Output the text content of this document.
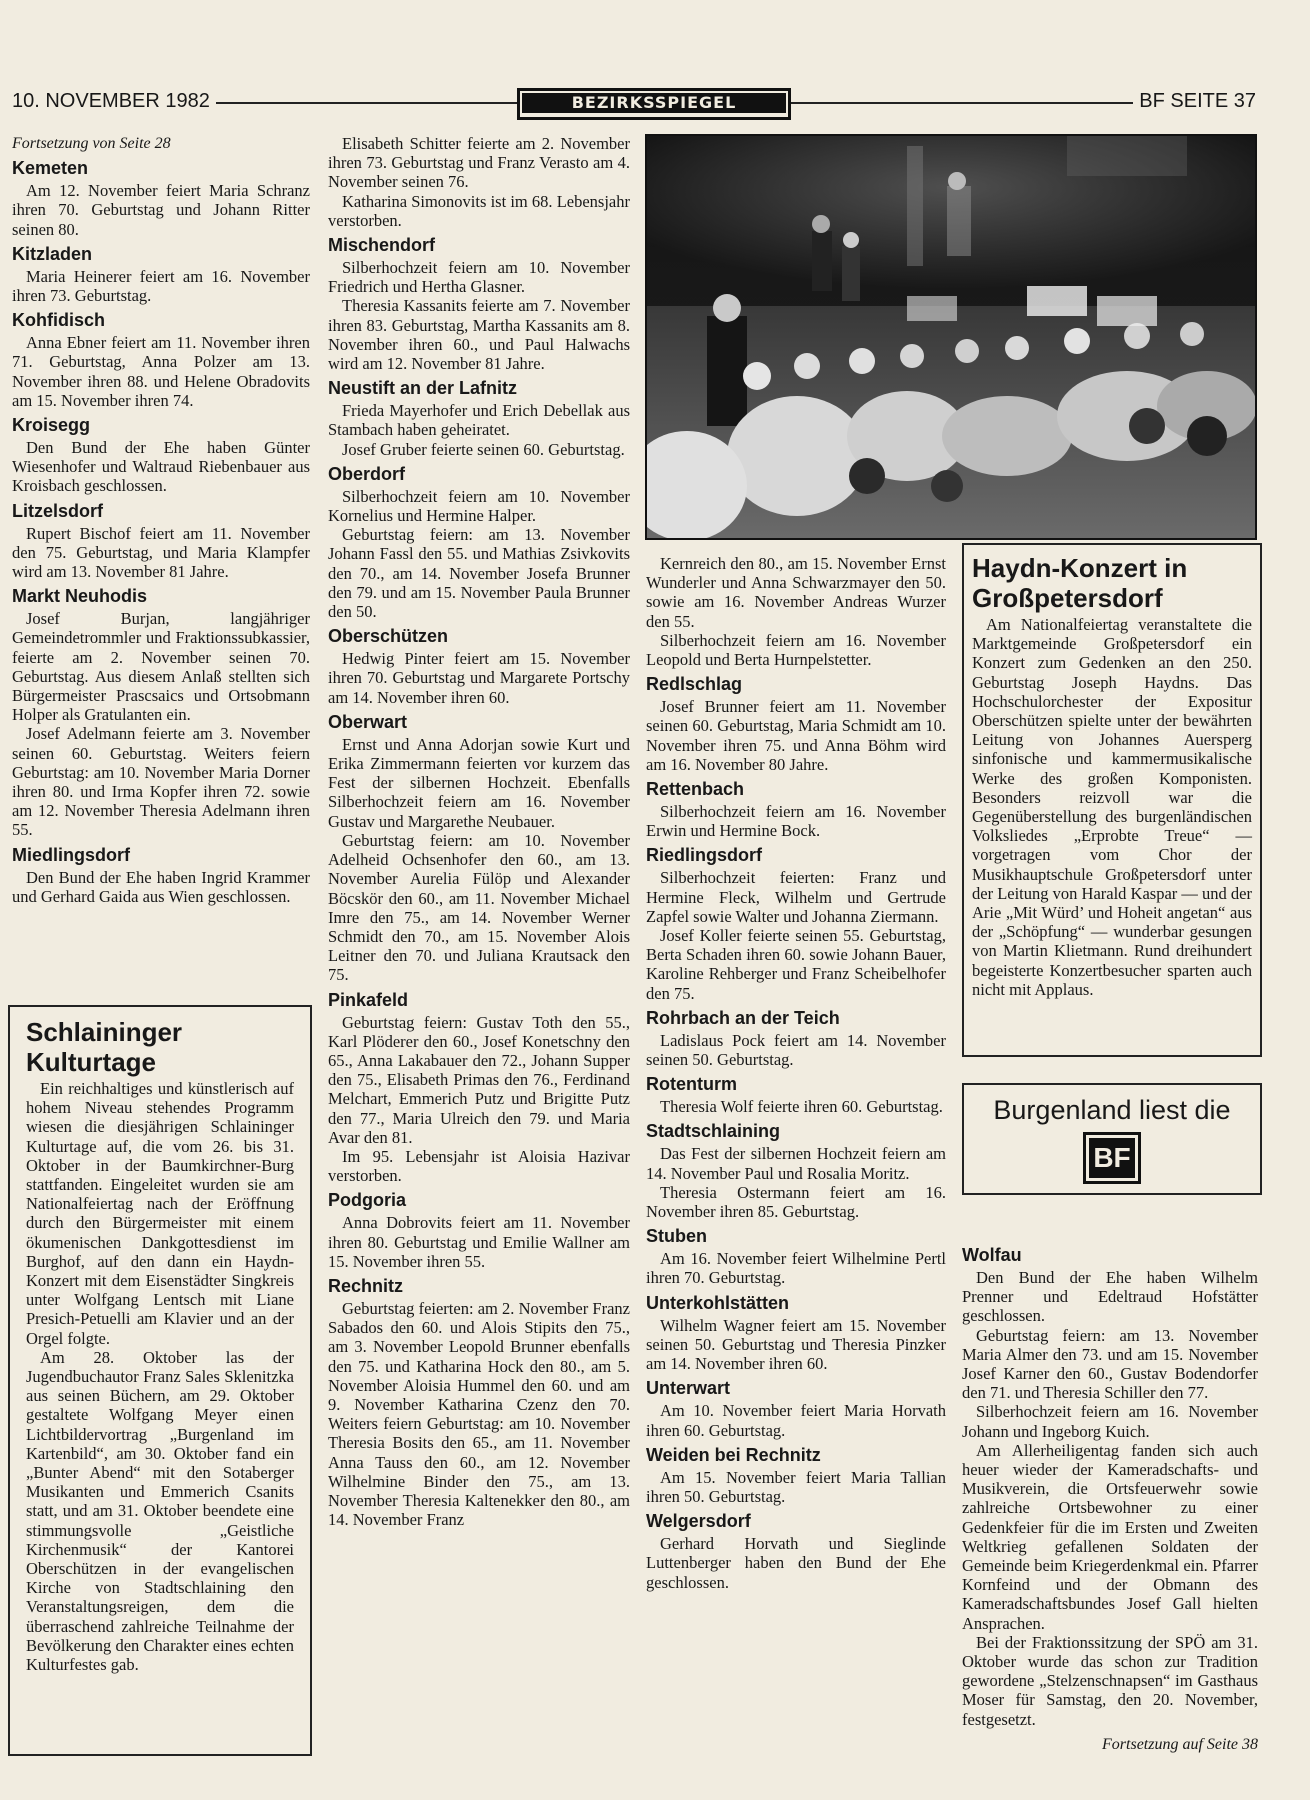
10. NOVEMBER 1982	BEZIRKSSPIEGEL	BF SEITE 37
Fortsetzung von Seite 28
Kemeten

Am 12. November feiert Maria Schranz ihren 70. Geburtstag und Johann Ritter seinen 80.

Kitzladen

Maria Heinerer feiert am 16. November ihren 73. Geburtstag.

Kohfidisch

Anna Ebner feiert am 11. November ihren 71. Geburtstag, Anna Polzer am 13. November ihren 88. und Helene Obradovits am 15. November ihren 74.

Kroisegg

Den Bund der Ehe haben Günter Wiesenhofer und Waltraud Riebenbauer aus Kroisbach geschlossen.

Litzelsdorf

Rupert Bischof feiert am 11. November den 75. Geburtstag, und Maria Klampfer wird am 13. November 81 Jahre.

Markt Neuhodis

Josef Burjan, langjähriger Gemeindetrommler und Fraktionssubkassier, feierte am 2. November seinen 70. Geburtstag. Aus diesem Anlaß stellten sich Bürgermeister Prascsaics und Ortsobmann Holper als Gratulanten ein.

Josef Adelmann feierte am 3. November seinen 60. Geburtstag. Weiters feiern Geburtstag: am 10. November Maria Dorner ihren 80. und Irma Kopfer ihren 72. sowie am 12. November Theresia Adelmann ihren 55.

Miedlingsdorf

Den Bund der Ehe haben Ingrid Krammer und Gerhard Gaida aus Wien geschlossen.

Schlaininger
Kulturtage

Ein reichhaltiges und künstlerisch auf hohem Niveau stehendes Programm wiesen die diesjährigen Schlaininger Kulturtage auf, die vom 26. bis 31. Oktober in der Baumkirchner-Burg stattfanden. Eingeleitet wurden sie am Nationalfeiertag nach der Eröffnung durch den Bürgermeister mit einem ökumenischen Dankgottesdienst im Burghof, auf den dann ein Haydn-Konzert mit dem Eisenstädter Singkreis unter Wolfgang Lentsch mit Liane Presich-Petuelli am Klavier und an der Orgel folgte.

Am 28. Oktober las der Jugendbuchautor Franz Sales Sklenitzka aus seinen Büchern, am 29. Oktober gestaltete Wolfgang Meyer einen Lichtbildervortrag „Burgenland im Kartenbild“, am 30. Oktober fand ein „Bunter Abend“ mit den Sotaberger Musikanten und Emmerich Csanits statt, und am 31. Oktober beendete eine stimmungsvolle „Geistliche Kirchenmusik“ der Kantorei Oberschützen in der evangelischen Kirche von Stadtschlaining den Veranstaltungsreigen, dem die überraschend zahlreiche Teilnahme der Bevölkerung den Charakter eines echten Kulturfestes gab.

Elisabeth Schitter feierte am 2. November ihren 73. Geburtstag und Franz Verasto am 4. November seinen 76.

Katharina Simonovits ist im 68. Lebensjahr verstorben.

Mischendorf

Silberhochzeit feiern am 10. November Friedrich und Hertha Glasner.

Theresia Kassanits feierte am 7. November ihren 83. Geburtstag, Martha Kassanits am 8. November ihren 60., und Paul Halwachs wird am 12. November 81 Jahre.

Neustift an der Lafnitz

Frieda Mayerhofer und Erich Debellak aus Stambach haben geheiratet.

Josef Gruber feierte seinen 60. Geburtstag.

Oberdorf

Silberhochzeit feiern am 10. November Kornelius und Hermine Halper.

Geburtstag feiern: am 13. November Johann Fassl den 55. und Mathias Zsivkovits den 70., am 14. November Josefa Brunner den 79. und am 15. November Paula Brunner den 50.

Oberschützen

Hedwig Pinter feiert am 15. November ihren 70. Geburtstag und Margarete Portschy am 14. November ihren 60.

Oberwart

Ernst und Anna Adorjan sowie Kurt und Erika Zimmermann feierten vor kurzem das Fest der silbernen Hochzeit. Ebenfalls Silberhochzeit feiern am 16. November Gustav und Margarethe Neubauer.

Geburtstag feiern: am 10. November Adelheid Ochsenhofer den 60., am 13. November Aurelia Fülöp und Alexander Böcskör den 60., am 11. November Michael Imre den 75., am 14. November Werner Schmidt den 70., am 15. November Alois Leitner den 70. und Juliana Krautsack den 75.

Pinkafeld

Geburtstag feiern: Gustav Toth den 55., Karl Plöderer den 60., Josef Konetschny den 65., Anna Lakabauer den 72., Johann Supper den 75., Elisabeth Primas den 76., Ferdinand Melchart, Emmerich Putz und Brigitte Putz den 77., Maria Ulreich den 79. und Maria Avar den 81.

Im 95. Lebensjahr ist Aloisia Hazivar verstorben.

Podgoria

Anna Dobrovits feiert am 11. November ihren 80. Geburtstag und Emilie Wallner am 15. November ihren 55.

Rechnitz

Geburtstag feierten: am 2. November Franz Sabados den 60. und Alois Stipits den 75., am 3. November Leopold Brunner ebenfalls den 75. und Katharina Hock den 80., am 5. November Aloisia Hummel den 60. und am 9. November Katharina Czenz den 70. Weiters feiern Geburtstag: am 10. November Theresia Bosits den 65., am 11. November Anna Tauss den 60., am 12. November Wilhelmine Binder den 75., am 13. November Theresia Kaltenekker den 80., am 14. November Franz

Kernreich den 80., am 15. November Ernst Wunderler und Anna Schwarzmayer den 50. sowie am 16. November Andreas Wurzer den 55.

Silberhochzeit feiern am 16. November Leopold und Berta Hurnpelstetter.

Redlschlag

Josef Brunner feiert am 11. November seinen 60. Geburtstag, Maria Schmidt am 10. November ihren 75. und Anna Böhm wird am 16. November 80 Jahre.

Rettenbach

Silberhochzeit feiern am 16. November Erwin und Hermine Bock.

Riedlingsdorf

Silberhochzeit feierten: Franz und Hermine Fleck, Wilhelm und Gertrude Zapfel sowie Walter und Johanna Ziermann.

Josef Koller feierte seinen 55. Geburtstag, Berta Schaden ihren 60. sowie Johann Bauer, Karoline Rehberger und Franz Scheibelhofer den 75.

Rohrbach an der Teich

Ladislaus Pock feiert am 14. November seinen 50. Geburtstag.

Rotenturm

Theresia Wolf feierte ihren 60. Geburtstag.

Stadtschlaining

Das Fest der silbernen Hochzeit feiern am 14. November Paul und Rosalia Moritz.

Theresia Ostermann feiert am 16. November ihren 85. Geburtstag.

Stuben

Am 16. November feiert Wilhelmine Pertl ihren 70. Geburtstag.

Unterkohlstätten

Wilhelm Wagner feiert am 15. November seinen 50. Geburtstag und Theresia Pinzker am 14. November ihren 60.

Unterwart

Am 10. November feiert Maria Horvath ihren 60. Geburtstag.

Weiden bei Rechnitz

Am 15. November feiert Maria Tallian ihren 50. Geburtstag.

Welgersdorf

Gerhard Horvath und Sieglinde Luttenberger haben den Bund der Ehe geschlossen.

Haydn-Konzert in
Großpetersdorf

Am Nationalfeiertag veranstaltete die Marktgemeinde Großpetersdorf ein Konzert zum Gedenken an den 250. Geburtstag Joseph Haydns. Das Hochschulorchester der Expositur Oberschützen spielte unter der bewährten Leitung von Johannes Auersperg sinfonische und kammermusikalische Werke des großen Komponisten. Besonders reizvoll war die Gegenüberstellung des burgenländischen Volksliedes „Erprobte Treue“ — vorgetragen vom Chor der Musikhauptschule Großpetersdorf unter der Leitung von Harald Kaspar — und der Arie „Mit Würd’ und Hoheit angetan“ aus der „Schöpfung“ — wunderbar gesungen von Martin Klietmann. Rund dreihundert begeisterte Konzertbesucher sparten auch nicht mit Applaus.

Burgenland liest die
BF
Wolfau

Den Bund der Ehe haben Wilhelm Prenner und Edeltraud Hofstätter geschlossen.

Geburtstag feiern: am 13. November Maria Almer den 73. und am 15. November Josef Karner den 60., Gustav Bodendorfer den 71. und Theresia Schiller den 77.

Silberhochzeit feiern am 16. November Johann und Ingeborg Kuich.

Am Allerheiligentag fanden sich auch heuer wieder der Kameradschafts- und Musikverein, die Ortsfeuerwehr sowie zahlreiche Ortsbewohner zu einer Gedenkfeier für die im Ersten und Zweiten Weltkrieg gefallenen Soldaten der Gemeinde beim Kriegerdenkmal ein. Pfarrer Kornfeind und der Obmann des Kameradschaftsbundes Josef Gall hielten Ansprachen.

Bei der Fraktionssitzung der SPÖ am 31. Oktober wurde das schon zur Tradition gewordene „Stelzenschnapsen“ im Gasthaus Moser für Samstag, den 20. November, festgesetzt.

Fortsetzung auf Seite 38
